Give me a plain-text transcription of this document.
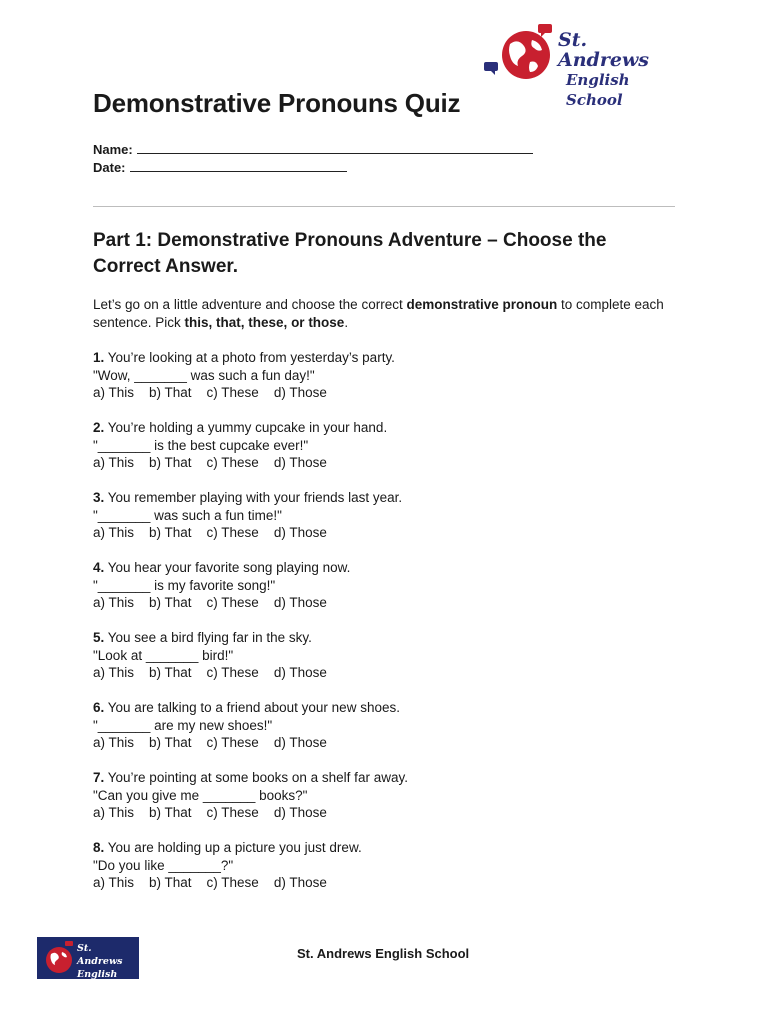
St. Andrews
English School
Demonstrative Pronouns Quiz
Name:
Date:
Part 1: Demonstrative Pronouns Adventure – Choose the Correct Answer.
Let’s go on a little adventure and choose the correct demonstrative pronoun to complete each sentence. Pick this, that, these, or those.
1. You’re looking at a photo from yesterday’s party.
"Wow, _______ was such a fun day!"
a) This b) That c) These d) Those
2. You’re holding a yummy cupcake in your hand.
"_______ is the best cupcake ever!"
a) This b) That c) These d) Those
3. You remember playing with your friends last year.
"_______ was such a fun time!"
a) This b) That c) These d) Those
4. You hear your favorite song playing now.
"_______ is my favorite song!"
a) This b) That c) These d) Those
5. You see a bird flying far in the sky.
"Look at _______ bird!"
a) This b) That c) These d) Those
6. You are talking to a friend about your new shoes.
"_______ are my new shoes!"
a) This b) That c) These d) Those
7. You’re pointing at some books on a shelf far away.
"Can you give me _______ books?"
a) This b) That c) These d) Those
8. You are holding up a picture you just drew.
"Do you like _______?"
a) This b) That c) These d) Those
St. Andrews
English School
St. Andrews English School
